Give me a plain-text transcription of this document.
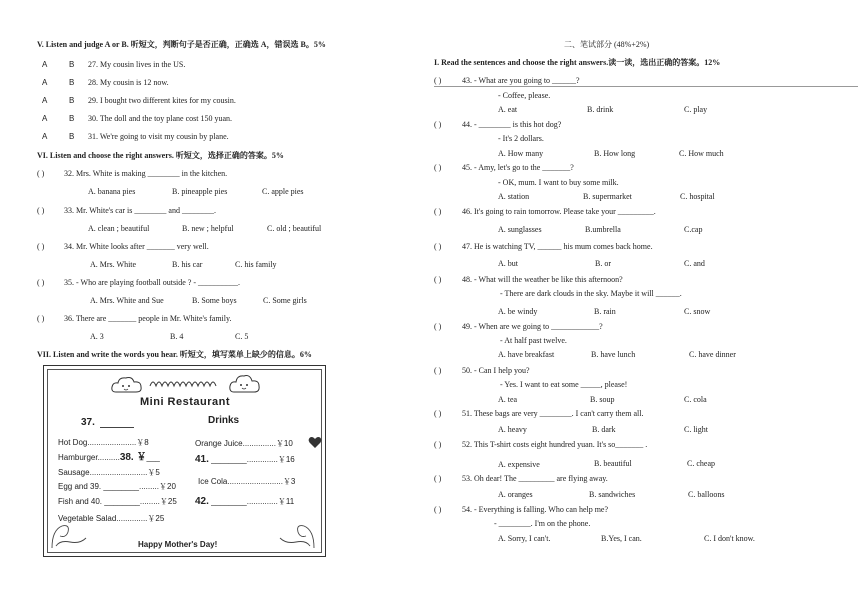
V. Listen and judge A or B. 听短文，判断句子是否正确，正确选 A，错误选 B。5%
A	B 27. My cousin lives in the US.
A	B 28. My cousin is 12 now.
A	B 29. I bought two different kites for my cousin.
A	B 30. The doll and the toy plane cost 150 yuan.
A	B 31. We're going to visit my cousin by plane.
VI. Listen and choose the right answers. 听短文，选择正确的答案。5%
( ) 32. Mrs. White is making ________ in the kitchen.
A. banana pies	B. pineapple pies	C. apple pies
( ) 33. Mr. White's car is ________ and ________.
A. clean ; beautiful	B. new ; helpful	C. old ; beautiful
( ) 34. Mr. White looks after _______ very well.
A. Mrs. White	B. his car	C. his family
( ) 35. - Who are playing football outside ? - __________.
A. Mrs. White and Sue	B. Some boys	C. Some girls
( ) 36. There are _______ people in Mr. White's family.
A. 3	B. 4	C. 5
VII. Listen and write the words you hear. 听短文，填写菜单上缺少的信息。6%
Mini Restaurant
37.	Drinks
Hot Dog......................￥8
Hamburger..........38. ￥___
Sausage..........................￥5
Egg and 39. ________.........￥20
Fish and 40. ________.........￥25
Vegetable Salad..............￥25
Orange Juice...............￥10
41. ________..............￥16
Ice Cola.........................￥3
42. ________..............￥11
Happy Mother's Day!
二、笔试部分 (48%+2%)
I. Read the sentences and choose the right answers.读一读，选出正确的答案。12%
( )	43. - What are you going to ______?
- Coffee, please.
A. eat	B. drink	C. play
( )	44. - ________ is this hot dog?
- It's 2 dollars.
A. How many	B. How long	C. How much
( )	45. - Amy, let's go to the _______?
- OK, mum. I want to buy some milk.
A. station	B. supermarket	C. hospital
( )	46. It's going to rain tomorrow. Please take your _________.
A. sunglasses	B.umbrella	C.cap
( )	47. He is watching TV, ______ his mum comes back home.
A. but	B. or	C. and
( )	48. - What will the weather be like this afternoon?
- There are dark clouds in the sky. Maybe it will ______.
A. be windy	B. rain	C. snow
( )	49. - When are we going to ____________?
- At half past twelve.
A. have breakfast	B. have lunch	C. have dinner
( )	50. - Can I help you?
- Yes. I want to eat some _____, please!
A. tea	B. soup	C. cola
( )	51. These bags are very ________. I can't carry them all.
A. heavy	B. dark	C. light
( )	52. This T-shirt costs eight hundred yuan. It's so_______ .
A. expensive	B. beautiful	C. cheap
( )	53. Oh dear! The _________ are flying away.
A. oranges	B. sandwiches	C. balloons
( )	54. - Everything is falling. Who can help me?
- ________. I'm on the phone.
A. Sorry, I can't.	B.Yes, I can.	C. I don't know.
